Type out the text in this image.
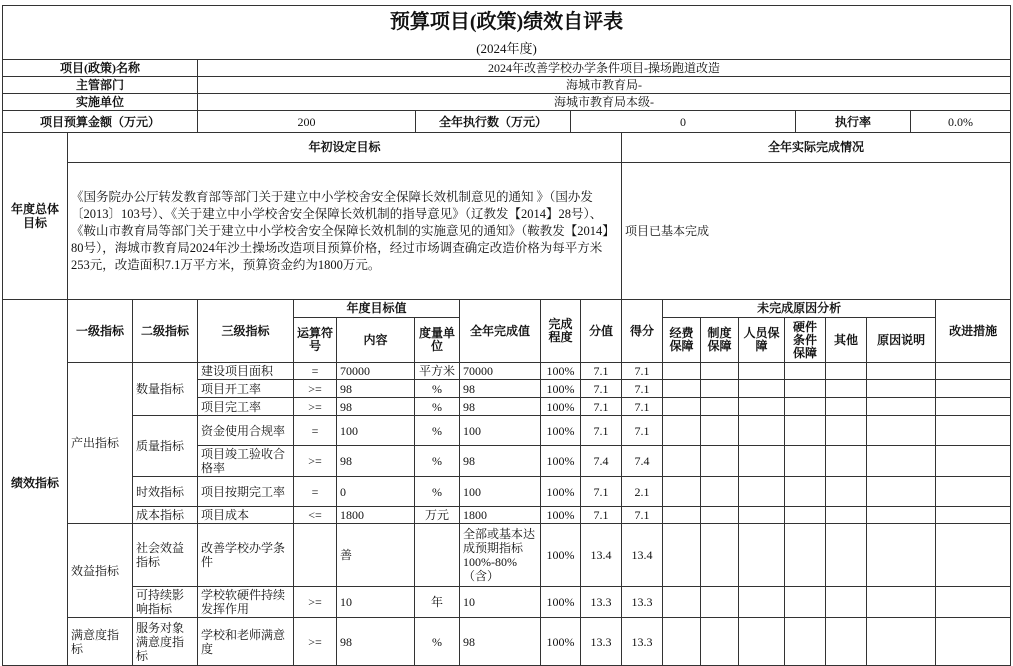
预算项目(政策)绩效自评表					
(2024年度)					
项目(政策)名称	2024年改善学校办学条件项目-操场跑道改造				
主管部门	海城市教育局-				
实施单位	海城市教育局本级-				
项目预算金额（万元）	200	全年执行数（万元）	0	执行率	0.0%
年度总体目标	年初设定目标	全年实际完成情况
	《国务院办公厅转发教育部等部门关于建立中小学校舍安全保障长效机制意见的通知 》（国办发〔2013〕103号）、《关于建立中小学校舍安全保障长效机制的指导意见》（辽教发【2014】28号）、《鞍山市教育局等部门关于建立中小学校舍安全保障长效机制的实施意见的通知》（鞍教发【2014】80号），海城市教育局2024年沙土操场改造项目预算价格，经过市场调查确定改造价格为每平方米253元，改造面积7.1万平方米，预算资金约为1800万元。	项目已基本完成
绩效指标	一级指标	二级指标	三级指标	年度目标值			全年完成值	完成程度	分值	得分	未完成原因分析						改进措施
				运算符号	内容	度量单位					经费保障	制度保障	人员保障	硬件条件保障	其他	原因说明	
	产出指标	数量指标	建设项目面积	=	70000	平方米	70000	100%	7.1	7.1							
			项目开工率	>=	98	%	98	100%	7.1	7.1							
			项目完工率	>=	98	%	98	100%	7.1	7.1							
		质量指标	资金使用合规率	=	100	%	100	100%	7.1	7.1							
			项目竣工验收合格率	>=	98	%	98	100%	7.4	7.4							
		时效指标	项目按期完工率	=	0	%	100	100%	7.1	2.1							
		成本指标	项目成本	<=	1800	万元	1800	100%	7.1	7.1							
	效益指标	社会效益指标	改善学校办学条件		善		全部或基本达成预期指标100%-80%（含）	100%	13.4	13.4							
		可持续影响指标	学校软硬件持续发挥作用	>=	10	年	10	100%	13.3	13.3							
	满意度指标	服务对象满意度指标	学校和老师满意度	>=	98	%	98	100%	13.3	13.3							
